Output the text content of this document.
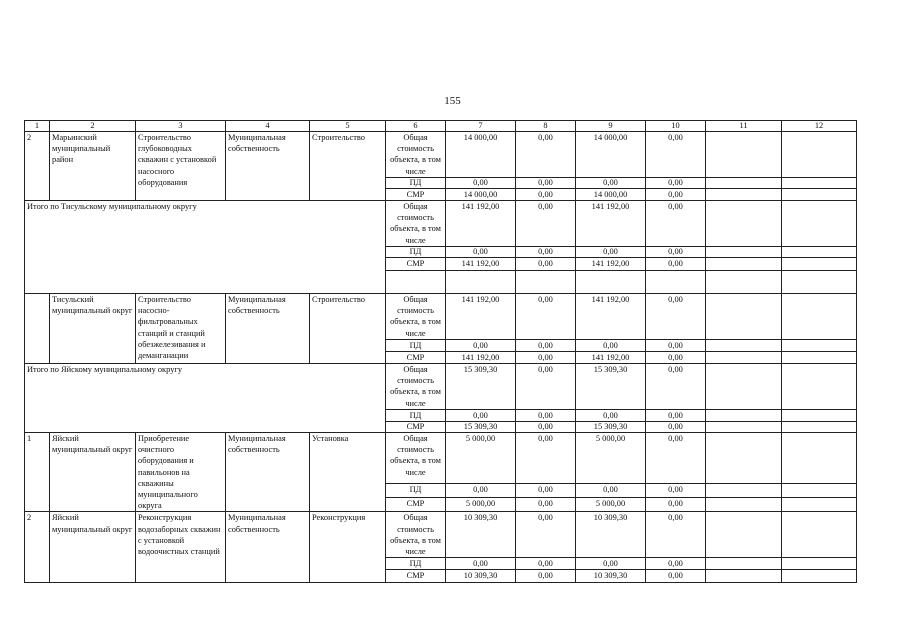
155
1	2	3	4	5	6	7	8	9	10	11	12
2	Марьинский муниципальный район	Строительство глубоководных скважин с установкой насосного оборудования	Муниципальная собственность	Строительство	Общая стоимость объекта, в том числе	14 000,00	0,00	14 000,00	0,00		
					ПД	0,00	0,00	0,00	0,00		
					СМР	14 000,00	0,00	14 000,00	0,00		
Итого по Тисульскому муниципальному округу					Общая стоимость объекта, в том числе	141 192,00	0,00	141 192,00	0,00		
					ПД	0,00	0,00	0,00	0,00		
					СМР	141 192,00	0,00	141 192,00	0,00		

	Тисульский муниципальный округ	Строительство насосно-фильтровальных станций и станций обезжелезивания и деманганации	Муниципальная собственность	Строительство	Общая стоимость объекта, в том числе	141 192,00	0,00	141 192,00	0,00		
					ПД	0,00	0,00	0,00	0,00		
					СМР	141 192,00	0,00	141 192,00	0,00		
Итого по Яйскому муниципальному округу					Общая стоимость объекта, в том числе	15 309,30	0,00	15 309,30	0,00		
					ПД	0,00	0,00	0,00	0,00		
					СМР	15 309,30	0,00	15 309,30	0,00		
1	Яйский муниципальный округ	Приобретение очистного оборудования и павильонов на скважины муниципального округа	Муниципальная собственность	Установка	Общая стоимость объекта, в том числе	5 000,00	0,00	5 000,00	0,00		
					ПД	0,00	0,00	0,00	0,00		
					СМР	5 000,00	0,00	5 000,00	0,00		
2	Яйский муниципальный округ	Реконструкция водозаборных скважин с установкой водоочистных станций	Муниципальная собственность	Реконструкция	Общая стоимость объекта, в том числе	10 309,30	0,00	10 309,30	0,00		
					ПД	0,00	0,00	0,00	0,00		
					СМР	10 309,30	0,00	10 309,30	0,00		
